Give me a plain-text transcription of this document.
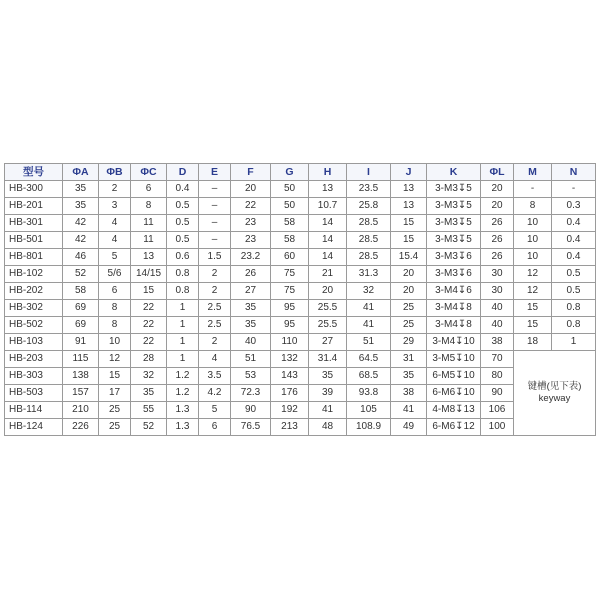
型号	ΦA	ΦB	ΦC	D	E	F	G	H	I	J	K	ΦL	M	N
HB-300	35	2	6	0.4	–	20	50	13	23.5	13	3-M3↧5	20	-	-
HB-201	35	3	8	0.5	–	22	50	10.7	25.8	13	3-M3↧5	20	8	0.3
HB-301	42	4	11	0.5	–	23	58	14	28.5	15	3-M3↧5	26	10	0.4
HB-501	42	4	11	0.5	–	23	58	14	28.5	15	3-M3↧5	26	10	0.4
HB-801	46	5	13	0.6	1.5	23.2	60	14	28.5	15.4	3-M3↧6	26	10	0.4
HB-102	52	5/6	14/15	0.8	2	26	75	21	31.3	20	3-M3↧6	30	12	0.5
HB-202	58	6	15	0.8	2	27	75	20	32	20	3-M4↧6	30	12	0.5
HB-302	69	8	22	1	2.5	35	95	25.5	41	25	3-M4↧8	40	15	0.8
HB-502	69	8	22	1	2.5	35	95	25.5	41	25	3-M4↧8	40	15	0.8
HB-103	91	10	22	1	2	40	110	27	51	29	3-M4↧10	38	18	1
HB-203	115	12	28	1	4	51	132	31.4	64.5	31	3-M5↧10	70	键槽(见下表)
keyway	

HB-303	138	15	32	1.2	3.5	53	143	35	68.5	35	6-M5↧10	80		
HB-503	157	17	35	1.2	4.2	72.3	176	39	93.8	38	6-M6↧10	90		
HB-114	210	25	55	1.3	5	90	192	41	105	41	4-M8↧13	106		
HB-124	226	25	52	1.3	6	76.5	213	48	108.9	49	6-M6↧12	100		
